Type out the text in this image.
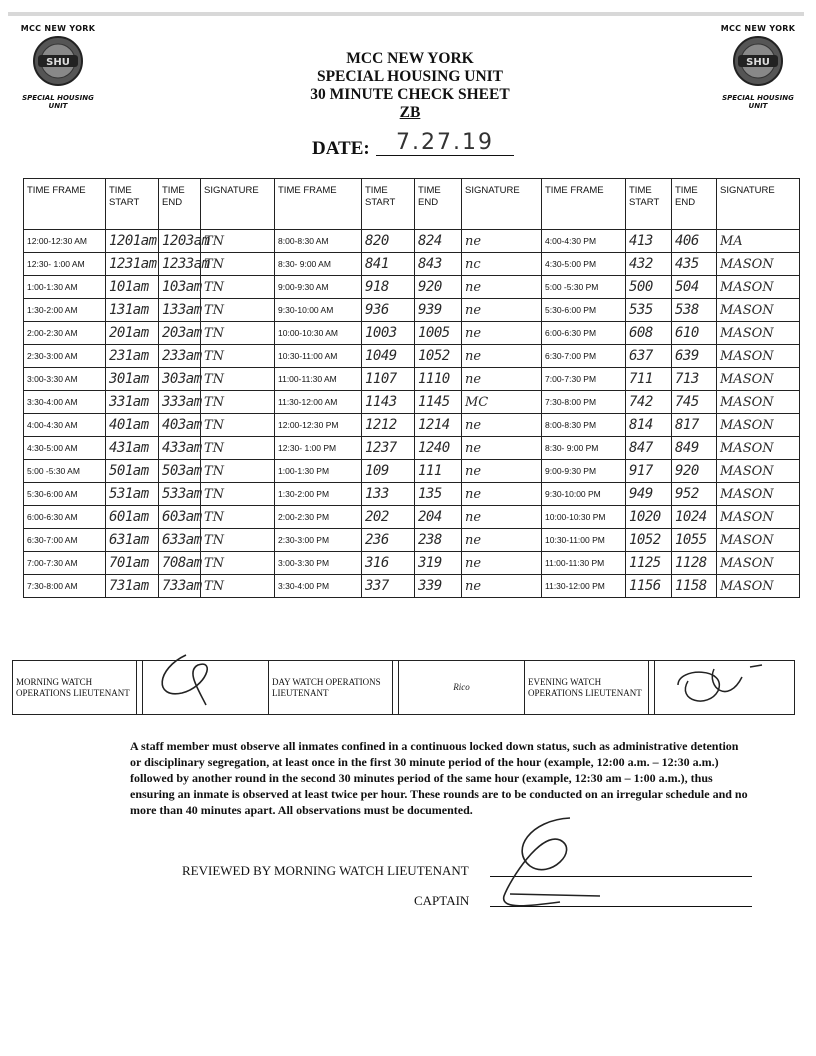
MCC NEW YORK
SHU
SPECIAL HOUSING UNIT
MCC NEW YORK
SHU
SPECIAL HOUSING UNIT
MCC NEW YORK
SPECIAL HOUSING UNIT
30 MINUTE CHECK SHEET
ZB
DATE:	7.27.19
TIME FRAME	TIME START	TIME END	SIGNATURE	TIME FRAME	TIME START	TIME END	SIGNATURE	TIME FRAME	TIME START	TIME END	SIGNATURE
12:00-12:30 AM	1201am	1203am	TN	8:00-8:30 AM	820	824	ne	4:00-4:30 PM	413	406	MA
12:30- 1:00 AM	1231am	1233am	TN	8:30- 9:00 AM	841	843	nc	4:30-5:00 PM	432	435	MASON
1:00-1:30 AM	101am	103am	TN	9:00-9:30 AM	918	920	ne	5:00 -5:30 PM	500	504	MASON
1:30-2:00 AM	131am	133am	TN	9:30-10:00 AM	936	939	ne	5:30-6:00 PM	535	538	MASON
2:00-2:30 AM	201am	203am	TN	10:00-10:30 AM	1003	1005	ne	6:00-6:30 PM	608	610	MASON
2:30-3:00 AM	231am	233am	TN	10:30-11:00 AM	1049	1052	ne	6:30-7:00 PM	637	639	MASON
3:00-3:30 AM	301am	303am	TN	11:00-11:30 AM	1107	1110	ne	7:00-7:30 PM	711	713	MASON
3:30-4:00 AM	331am	333am	TN	11:30-12:00 AM	1143	1145	MC	7:30-8:00 PM	742	745	MASON
4:00-4:30 AM	401am	403am	TN	12:00-12:30 PM	1212	1214	ne	8:00-8:30 PM	814	817	MASON
4:30-5:00 AM	431am	433am	TN	12:30- 1:00 PM	1237	1240	ne	8:30- 9:00 PM	847	849	MASON
5:00 -5:30 AM	501am	503am	TN	1:00-1:30 PM	109	111	ne	9:00-9:30 PM	917	920	MASON
5:30-6:00 AM	531am	533am	TN	1:30-2:00 PM	133	135	ne	9:30-10:00 PM	949	952	MASON
6:00-6:30 AM	601am	603am	TN	2:00-2:30 PM	202	204	ne	10:00-10:30 PM	1020	1024	MASON
6:30-7:00 AM	631am	633am	TN	2:30-3:00 PM	236	238	ne	10:30-11:00 PM	1052	1055	MASON
7:00-7:30 AM	701am	708am	TN	3:00-3:30 PM	316	319	ne	11:00-11:30 PM	1125	1128	MASON
7:30-8:00 AM	731am	733am	TN	3:30-4:00 PM	337	339	ne	11:30-12:00 PM	1156	1158	MASON
MORNING WATCH OPERATIONS LIEUTENANT			DAY WATCH OPERATIONS LIEUTENANT		Rico	EVENING WATCH OPERATIONS LIEUTENANT		
A staff member must observe all inmates confined in a continuous locked down status, such as administrative detention or disciplinary segregation, at least once in the first 30 minute period of the hour (example, 12:00 a.m. – 12:30 a.m.) followed by another round in the second 30 minutes period of the same hour (example, 12:30 am – 1:00 a.m.), thus ensuring an inmate is observed at least twice per hour. These rounds are to be conducted on an irregular schedule and no more than 40 minutes apart. All observations must be documented.
REVIEWED BY MORNING WATCH LIEUTENANT
CAPTAIN
